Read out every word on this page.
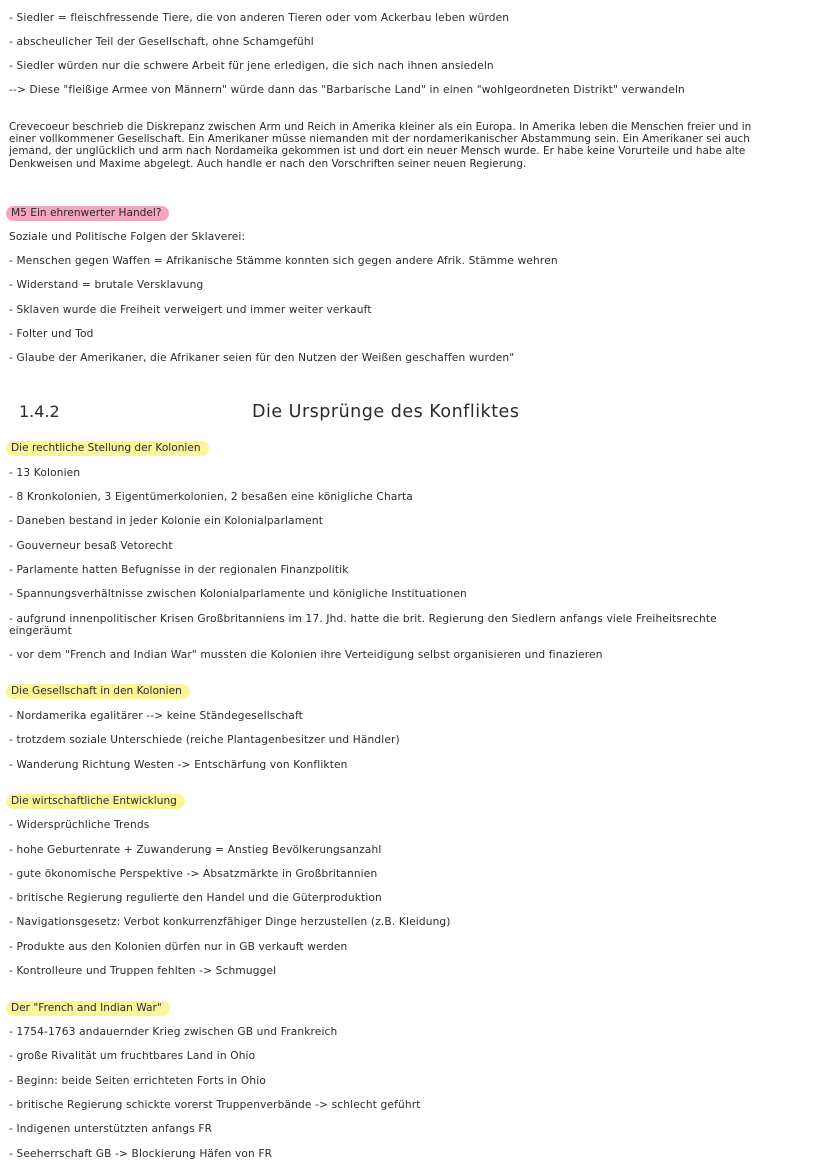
- Siedler = fleischfressende Tiere, die von anderen Tieren oder vom Ackerbau leben würden
- abscheulicher Teil der Gesellschaft, ohne Schamgefühl
- Siedler würden nur die schwere Arbeit für jene erledigen, die sich nach ihnen ansiedeln
--> Diese "fleißige Armee von Männern" würde dann das "Barbarische Land" in einen "wohlgeordneten Distrikt" verwandeln
Crevecoeur beschrieb die Diskrepanz zwischen Arm und Reich in Amerika kleiner als ein Europa. In Amerika leben die Menschen freier und in einer vollkommener Gesellschaft. Ein Amerikaner müsse niemanden mit der nordamerikanischer Abstammung sein. Ein Amerikaner sei auch jemand, der unglücklich und arm nach Nordameika gekommen ist und dort ein neuer Mensch wurde. Er habe keine Vorurteile und habe alte Denkweisen und Maxime abgelegt. Auch handle er nach den Vorschriften seiner neuen Regierung.
M5 Ein ehrenwerter Handel?
Soziale und Politische Folgen der Sklaverei:
- Menschen gegen Waffen = Afrikanische Stämme konnten sich gegen andere Afrik. Stämme wehren
- Widerstand = brutale Versklavung
- Sklaven wurde die Freiheit verweigert und immer weiter verkauft
- Folter und Tod
- Glaube der Amerikaner, die Afrikaner seien für den Nutzen der Weißen geschaffen wurden"
1.4.2	Die Ursprünge des Konfliktes
Die rechtliche Stellung der Kolonien
- 13 Kolonien
- 8 Kronkolonien, 3 Eigentümerkolonien, 2 besaßen eine königliche Charta
- Daneben bestand in jeder Kolonie ein Kolonialparlament
- Gouverneur besaß Vetorecht
- Parlamente hatten Befugnisse in der regionalen Finanzpolitik
- Spannungsverhältnisse zwischen Kolonialparlamente und königliche Instituationen
- aufgrund innenpolitischer Krisen Großbritanniens im 17. Jhd. hatte die brit. Regierung den Siedlern anfangs viele Freiheitsrechte eingeräumt
- vor dem "French and Indian War" mussten die Kolonien ihre Verteidigung selbst organisieren und finazieren
Die Gesellschaft in den Kolonien
- Nordamerika egalitärer --> keine Ständegesellschaft
- trotzdem soziale Unterschiede (reiche Plantagenbesitzer und Händler)
- Wanderung Richtung Westen -> Entschärfung von Konflikten
Die wirtschaftliche Entwicklung
- Widersprüchliche Trends
- hohe Geburtenrate + Zuwanderung = Anstieg Bevölkerungsanzahl
- gute ökonomische Perspektive -> Absatzmärkte in Großbritannien
- britische Regierung regulierte den Handel und die Güterproduktion
- Navigationsgesetz: Verbot konkurrenzfähiger Dinge herzustellen (z.B. Kleidung)
- Produkte aus den Kolonien dürfen nur in GB verkauft werden
- Kontrolleure und Truppen fehlten -> Schmuggel
Der "French and Indian War"
- 1754-1763 andauernder Krieg zwischen GB und Frankreich
- große Rivalität um fruchtbares Land in Ohio
- Beginn: beide Seiten errichteten Forts in Ohio
- britische Regierung schickte vorerst Truppenverbände -> schlecht geführt
- Indigenen unterstützten anfangs FR
- Seeherrschaft GB -> Blockierung Häfen von FR
